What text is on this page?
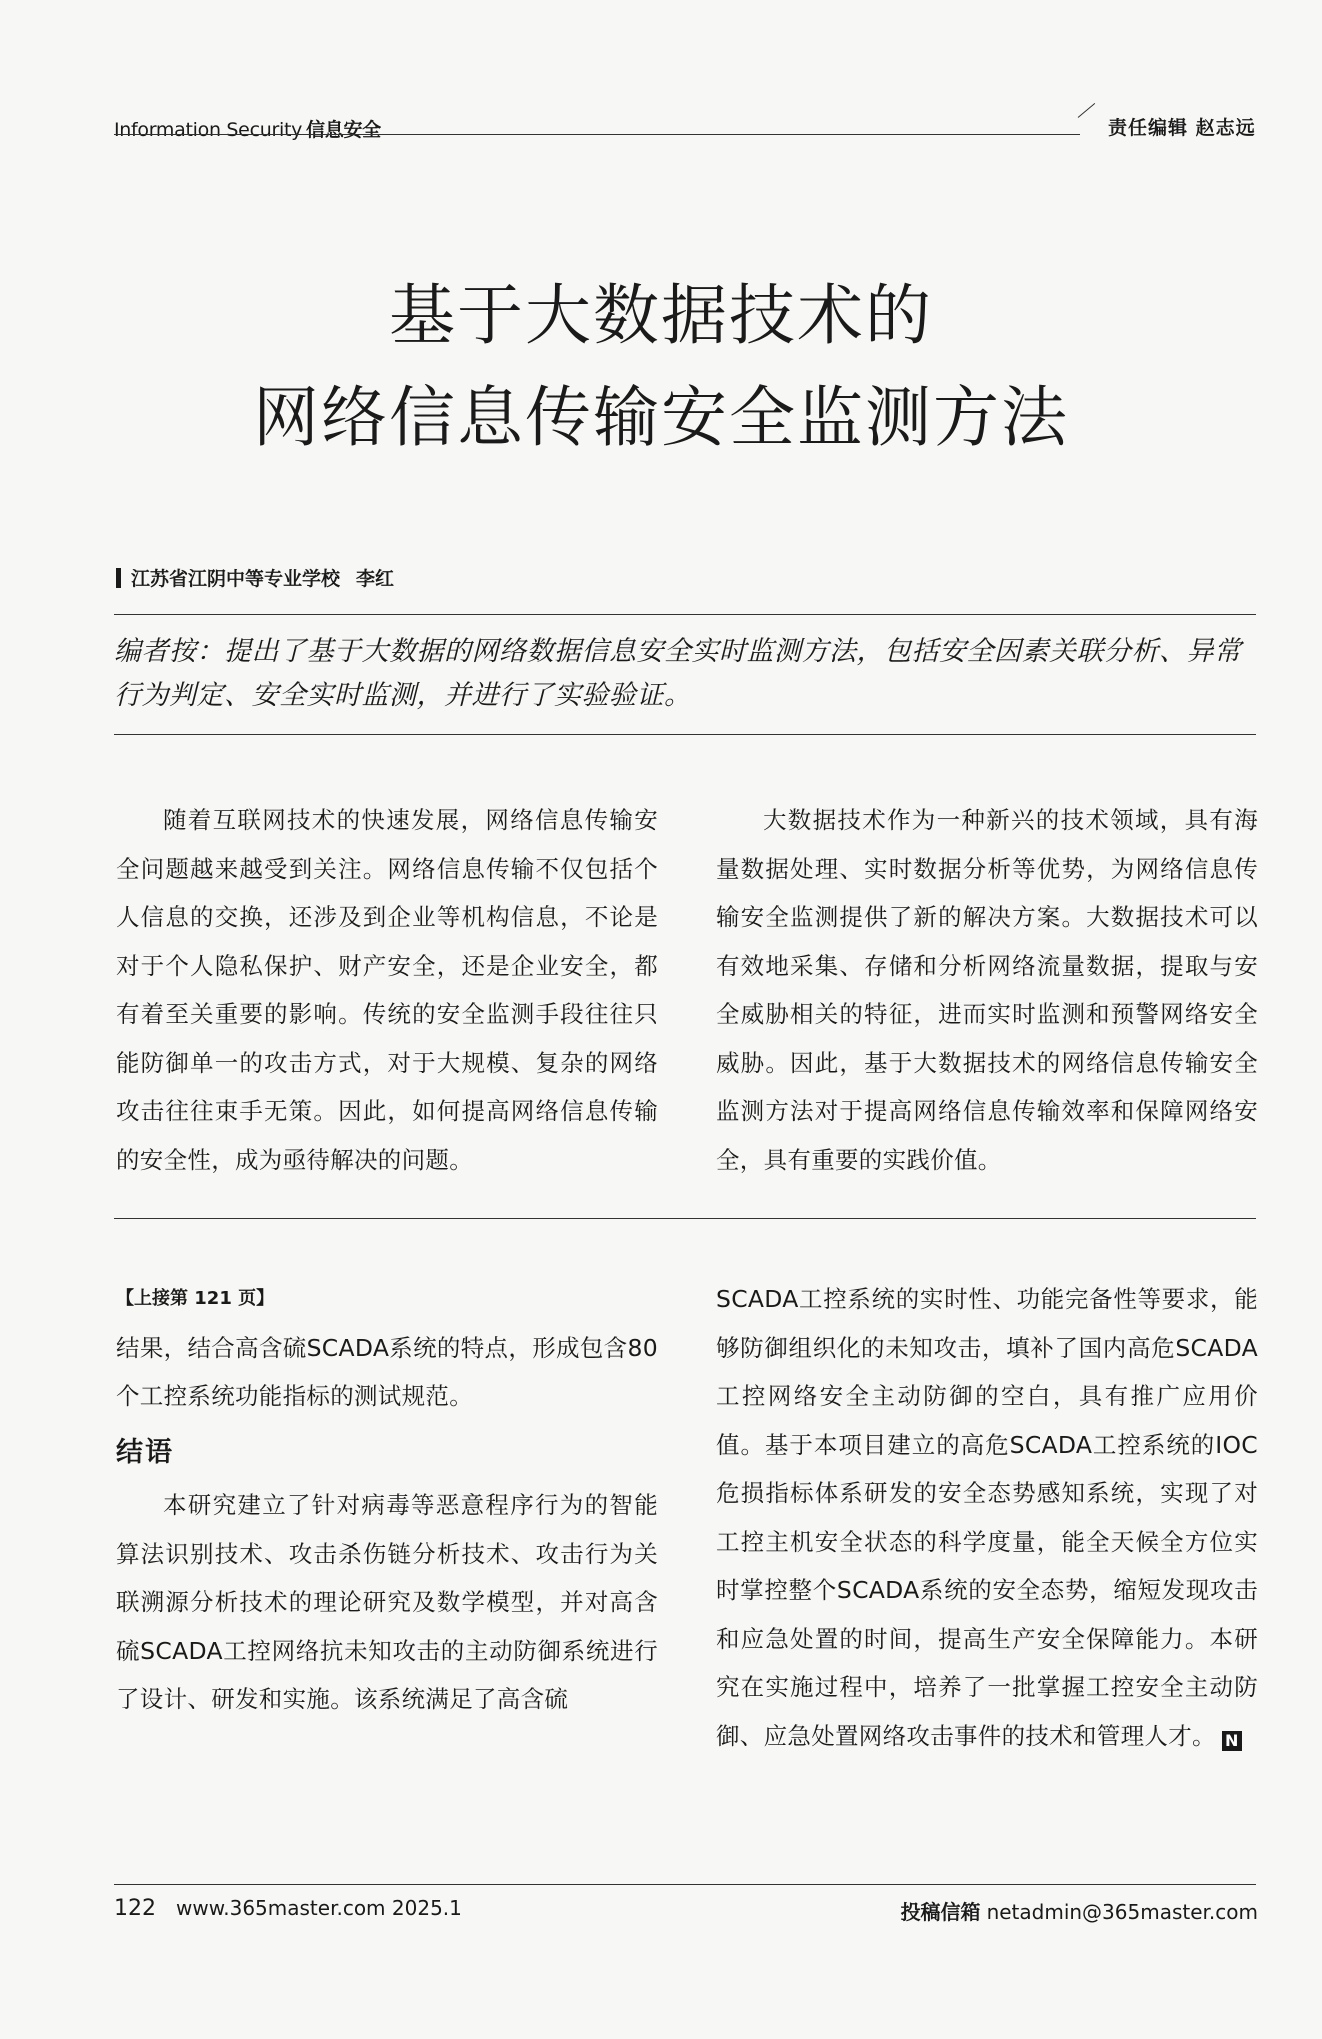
Information Security 信息安全	责任编辑 赵志远
基于大数据技术的
网络信息传输安全监测方法
江苏省江阴中等专业学校 李红
编者按：提出了基于大数据的网络数据信息安全实时监测方法，包括安全因素关联分析、异常行为判定、安全实时监测，并进行了实验验证。
随着互联网技术的快速发展，网络信息传输安全问题越来越受到关注。网络信息传输不仅包括个人信息的交换，还涉及到企业等机构信息，不论是对于个人隐私保护、财产安全，还是企业安全，都有着至关重要的影响。传统的安全监测手段往往只能防御单一的攻击方式，对于大规模、复杂的网络攻击往往束手无策。因此，如何提高网络信息传输的安全性，成为亟待解决的问题。
大数据技术作为一种新兴的技术领域，具有海量数据处理、实时数据分析等优势，为网络信息传输安全监测提供了新的解决方案。大数据技术可以有效地采集、存储和分析网络流量数据，提取与安全威胁相关的特征，进而实时监测和预警网络安全威胁。因此，基于大数据技术的网络信息传输安全监测方法对于提高网络信息传输效率和保障网络安全，具有重要的实践价值。
【上接第 121 页】
结果，结合高含硫SCADA系统的特点，形成包含80个工控系统功能指标的测试规范。
结语
本研究建立了针对病毒等恶意程序行为的智能算法识别技术、攻击杀伤链分析技术、攻击行为关联溯源分析技术的理论研究及数学模型，并对高含硫SCADA工控网络抗未知攻击的主动防御系统进行了设计、研发和实施。该系统满足了高含硫
SCADA工控系统的实时性、功能完备性等要求，能够防御组织化的未知攻击，填补了国内高危SCADA工控网络安全主动防御的空白，具有推广应用价值。基于本项目建立的高危SCADA工控系统的IOC危损指标体系研发的安全态势感知系统，实现了对工控主机安全状态的科学度量，能全天候全方位实时掌控整个SCADA系统的安全态势，缩短发现攻击和应急处置的时间，提高生产安全保障能力。本研究在实施过程中，培养了一批掌握工控安全主动防御、应急处置网络攻击事件的技术和管理人才。 N
122 www.365master.com 2025.1	投稿信箱 netadmin@365master.com
